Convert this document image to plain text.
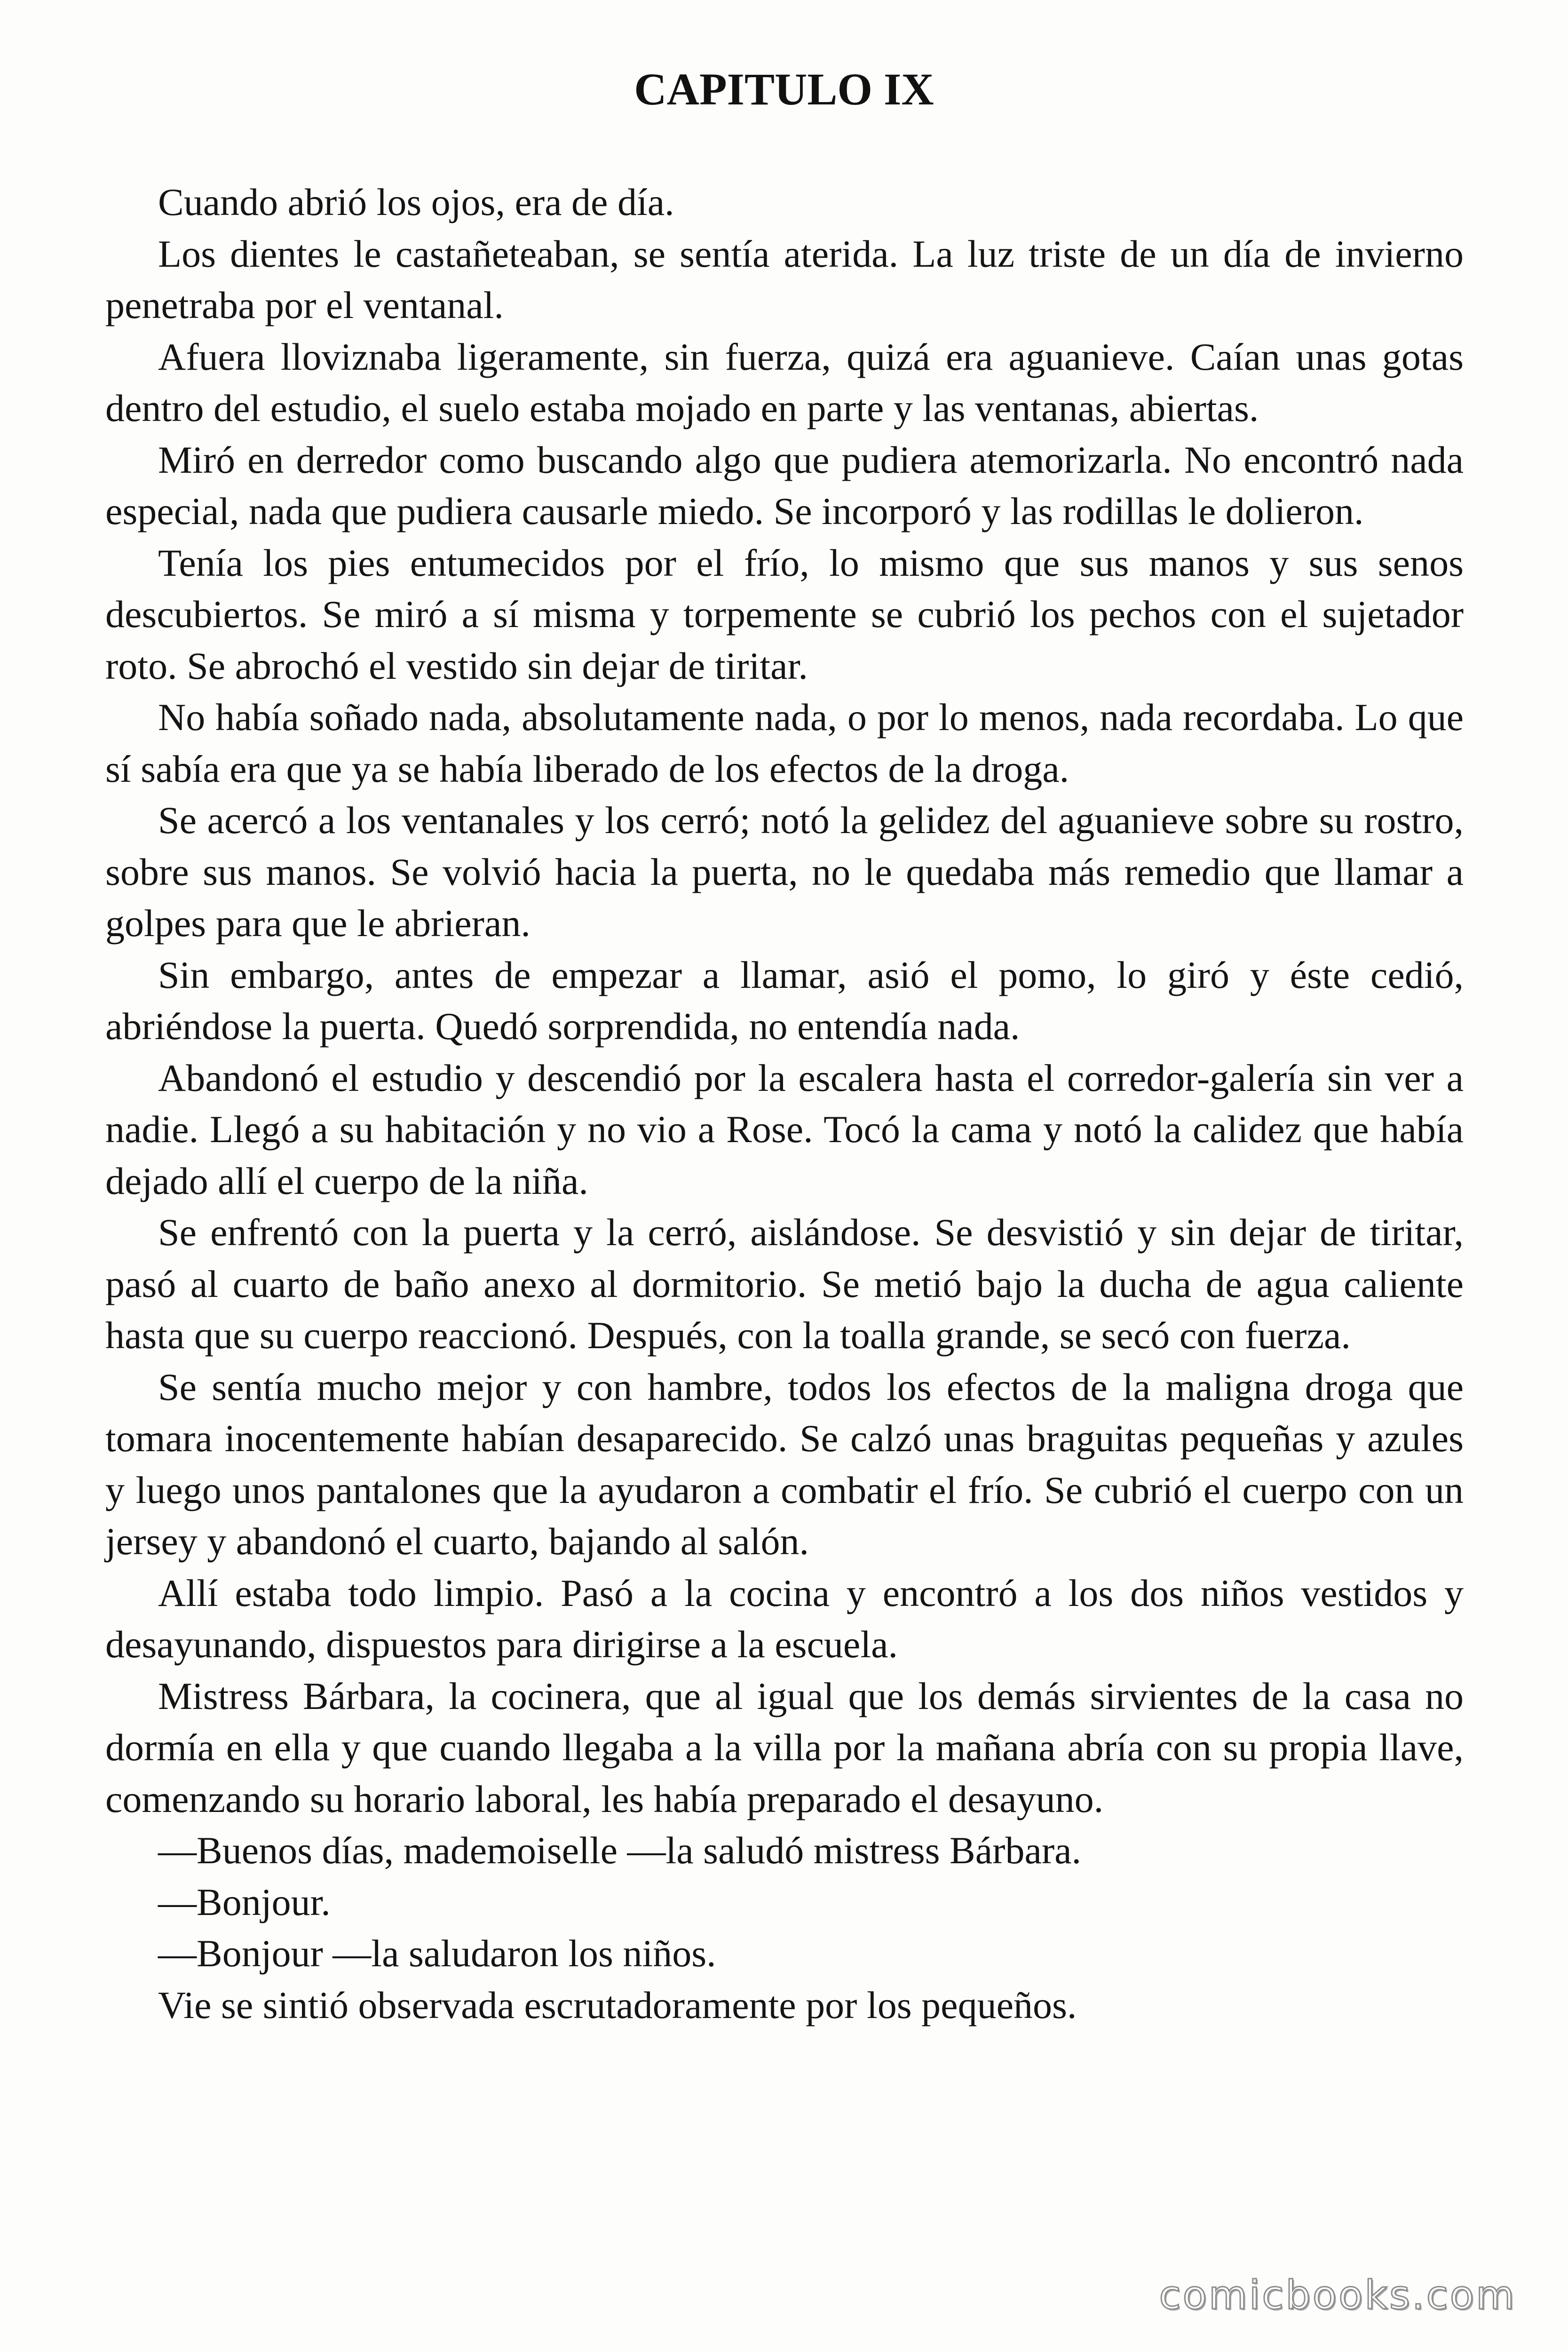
CAPITULO IX

Cuando abrió los ojos, era de día.

Los dientes le castañeteaban, se sentía aterida. La luz triste de un día de invierno penetraba por el ventanal.

Afuera lloviznaba ligeramente, sin fuerza, quizá era aguanieve. Caían unas gotas dentro del estudio, el suelo estaba mojado en parte y las ventanas, abiertas.

Miró en derredor como buscando algo que pudiera atemorizarla. No encontró nada especial, nada que pudiera causarle miedo. Se incorporó y las rodillas le dolieron.

Tenía los pies entumecidos por el frío, lo mismo que sus manos y sus senos descubiertos. Se miró a sí misma y torpemente se cubrió los pechos con el sujetador roto. Se abrochó el vestido sin dejar de tiritar.

No había soñado nada, absolutamente nada, o por lo menos, nada recordaba. Lo que sí sabía era que ya se había liberado de los efectos de la droga.

Se acercó a los ventanales y los cerró; notó la gelidez del aguanieve sobre su rostro, sobre sus manos. Se volvió hacia la puerta, no le quedaba más remedio que llamar a golpes para que le abrieran.

Sin embargo, antes de empezar a llamar, asió el pomo, lo giró y éste cedió, abriéndose la puerta. Quedó sorprendida, no entendía nada.

Abandonó el estudio y descendió por la escalera hasta el corredor-galería sin ver a nadie. Llegó a su habitación y no vio a Rose. Tocó la cama y notó la calidez que había dejado allí el cuerpo de la niña.

Se enfrentó con la puerta y la cerró, aislándose. Se desvistió y sin dejar de tiritar, pasó al cuarto de baño anexo al dormitorio. Se metió bajo la ducha de agua caliente hasta que su cuerpo reaccionó. Después, con la toalla grande, se secó con fuerza.

Se sentía mucho mejor y con hambre, todos los efectos de la maligna droga que tomara inocentemente habían desaparecido. Se calzó unas braguitas pequeñas y azules y luego unos pantalones que la ayudaron a combatir el frío. Se cubrió el cuerpo con un jersey y abandonó el cuarto, bajando al salón.

Allí estaba todo limpio. Pasó a la cocina y encontró a los dos niños vestidos y desayunando, dispuestos para dirigirse a la escuela.

Mistress Bárbara, la cocinera, que al igual que los demás sirvientes de la casa no dormía en ella y que cuando llegaba a la villa por la mañana abría con su propia llave, comenzando su horario laboral, les había preparado el desayuno.

—Buenos días, mademoiselle —la saludó mistress Bárbara.

—Bonjour.

—Bonjour —la saludaron los niños.

Vie se sintió observada escrutadoramente por los pequeños.

comicbooks.com
